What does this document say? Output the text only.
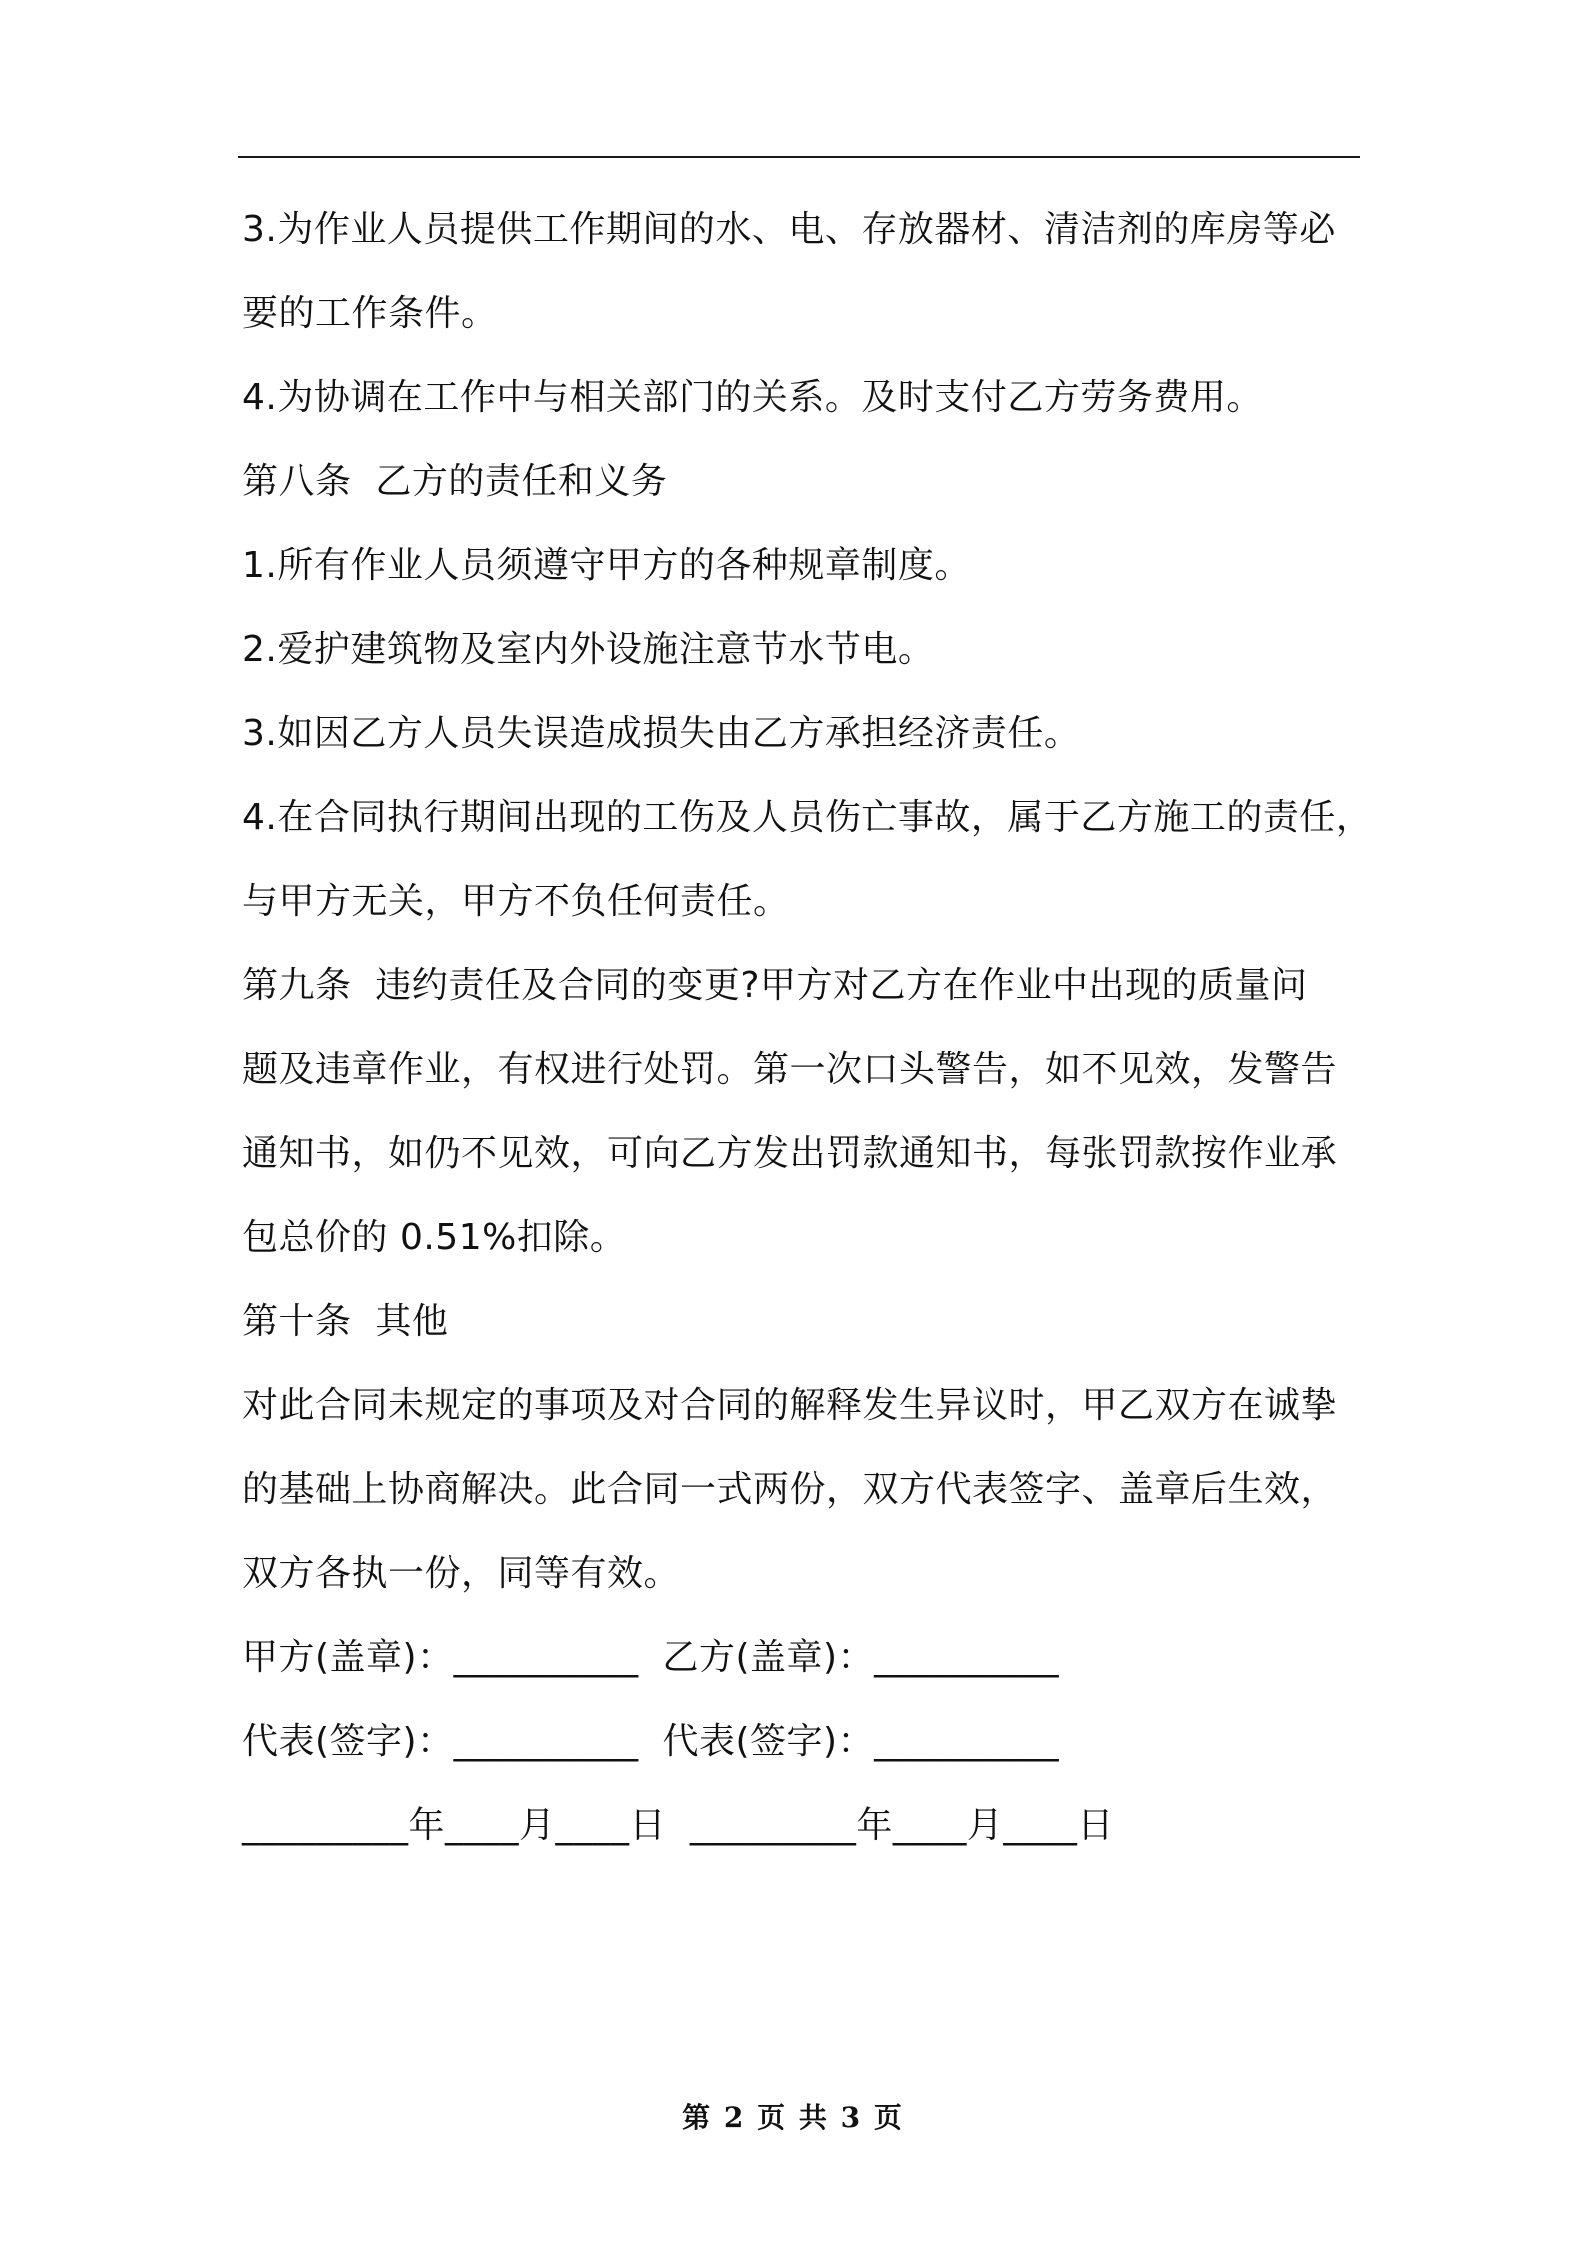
3.为作业人员提供工作期间的水、电、存放器材、清洁剂的库房等必
要的工作条件。
4.为协调在工作中与相关部门的关系。及时支付乙方劳务费用。
第八条  乙方的责任和义务
1.所有作业人员须遵守甲方的各种规章制度。
2.爱护建筑物及室内外设施注意节水节电。
3.如因乙方人员失误造成损失由乙方承担经济责任。
4.在合同执行期间出现的工伤及人员伤亡事故，属于乙方施工的责任，
与甲方无关，甲方不负任何责任。
第九条  违约责任及合同的变更?甲方对乙方在作业中出现的质量问
题及违章作业，有权进行处罚。第一次口头警告，如不见效，发警告
通知书，如仍不见效，可向乙方发出罚款通知书，每张罚款按作业承
包总价的 0.51%扣除。
第十条  其他
对此合同未规定的事项及对合同的解释发生异议时，甲乙双方在诚挚
的基础上协商解决。此合同一式两份，双方代表签字、盖章后生效，
双方各执一份，同等有效。
甲方(盖章)：__________  乙方(盖章)：__________
代表(签字)：__________  代表(签字)：__________
_________年____月____日  _________年____月____日
第 2 页 共 3 页
